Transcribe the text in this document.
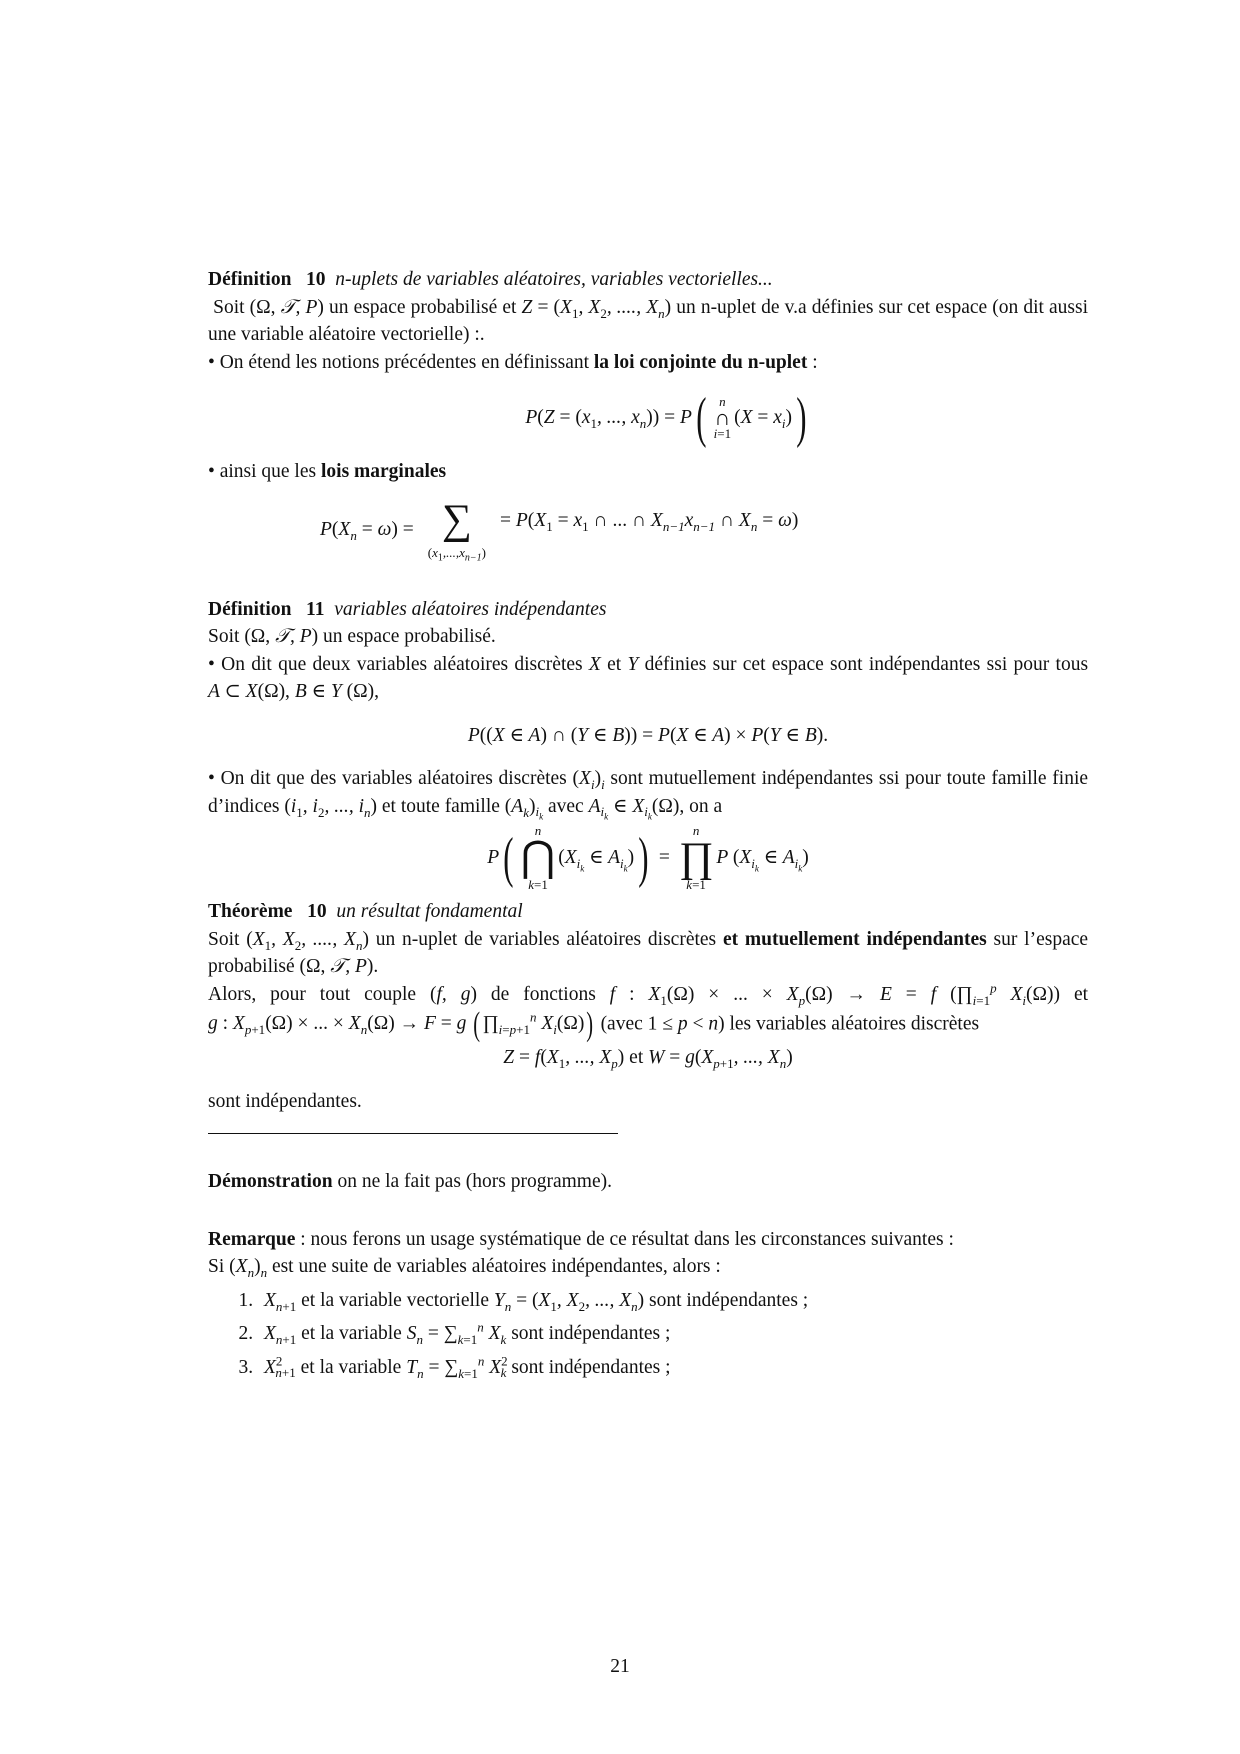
Définition 10 n-uplets de variables aléatoires, variables vectorielles...

Soit (Ω, 𝒯, P) un espace probabilisé et $Z = (X_1$, $X_2$, ...., $X_n$) un n-uplet de v.a définies sur cet espace (on dit aussi une variable aléatoire vectorielle) :.

• On étend les notions précédentes en définissant la loi conjointe du n-uplet :

$P(Z = (x_1$, ..., $x_n)) = P$ ( n
∩
i=1
$(X = x_i)$ )

• ainsi que les lois marginales

$P(X_n = \omega)$ = ∑
$(x_1,...,x_{n-1})$
= $P(X_1 = x_1$ ∩ ... ∩ $X_{n-1}x_{n-1}$ ∩ $X_n = \omega$)

Définition 11 variables aléatoires indépendantes

Soit (Ω, 𝒯, P) un espace probabilisé.

• On dit que deux variables aléatoires discrètes X et Y définies sur cet espace sont indépendantes ssi pour tous A ⊂ X(Ω), B ∈ Y (Ω),

P((X ∈ A) ∩ (Y ∈ B)) = P(X ∈ A) × P(Y ∈ B).

• On dit que des variables aléatoires discrètes $(X_i)_i$ sont mutuellement indépendantes ssi pour toute famille finie d’indices ($i_1$, $i_2$, ..., $i_n$) et toute famille $(A_k)_{i_k}$ avec $A_{i_k}$ ∈ $X_{i_k}(\Omega)$, on a

P ( n
⋂
k=1
($X_{i_k}$ ∈ $A_{i_k}$) ) =
n
∏
k=1
P ($X_{i_k}$ ∈ $A_{i_k}$)

Théorème 10 un résultat fondamental

Soit ($X_1$, $X_2$, ...., $X_n$) un n-uplet de variables aléatoires discrètes et mutuellement indépendantes sur l’espace probabilisé (Ω, 𝒯, P).

Alors, pour tout couple (f, g) de fonctions f : $X_1(\Omega)$ × ... × $X_p(\Omega) \to E = f$ ($\prod_{i=1}^p$ $X_i(\Omega)$) et g : $X_{p+1}(\Omega)$ × ... × $X_n(\Omega) \to F = g$ ( $\prod_{i=p+1}^n$ $X_i(\Omega)$) (avec 1 ≤ p < n) les variables aléatoires discrètes

$Z = f(X_1$, ..., $X_p$)
et
$W = g(X_{p+1}$, ..., $X_n$)

sont indépendantes.

Démonstration on ne la fait pas (hors programme).

Remarque : nous ferons un usage systématique de ce résultat dans les circonstances suivantes :

Si $(X_n)_n$ est une suite de variables aléatoires indépendantes, alors :

1. $X_{n+1}$ et la variable vectorielle $Y_n = (X_1$, $X_2$, ..., $X_n$) sont indépendantes ;
2. $X_{n+1}$ et la variable $S_n = \sum_{k=1}^n$ $X_k$ sont indépendantes ;
3. $X^2_{n+1}$ et la variable $T_n = \sum_{k=1}^n$ $X^2_k$ sont indépendantes ;
21
